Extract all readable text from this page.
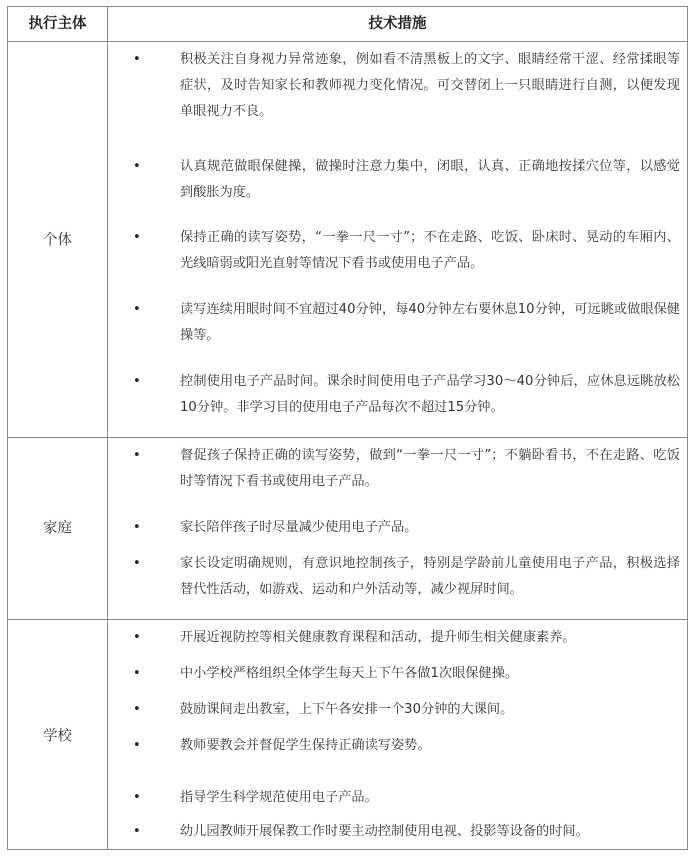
执行主体	技术措施
个体
•	积极关注自身视力异常迹象，例如看不清黑板上的文字、眼睛经常干涩、经常揉眼等症状，及时告知家长和教师视力变化情况。可交替闭上一只眼睛进行自测，以便发现单眼视力不良。
•	认真规范做眼保健操，做操时注意力集中，闭眼，认真、正确地按揉穴位等，以感觉到酸胀为度。
•	保持正确的读写姿势，“一拳一尺一寸”；不在走路、吃饭、卧床时、晃动的车厢内、光线暗弱或阳光直射等情况下看书或使用电子产品。
•	读写连续用眼时间不宜超过40分钟，每40分钟左右要休息10分钟，可远眺或做眼保健操等。
•	控制使用电子产品时间。课余时间使用电子产品学习30～40分钟后，应休息远眺放松10分钟。非学习目的使用电子产品每次不超过15分钟。
家庭
•	督促孩子保持正确的读写姿势，做到“一拳一尺一寸”；不躺卧看书，不在走路、吃饭时等情况下看书或使用电子产品。
•	家长陪伴孩子时尽量减少使用电子产品。
•	家长设定明确规则，有意识地控制孩子，特别是学龄前儿童使用电子产品，积极选择替代性活动，如游戏、运动和户外活动等，减少视屏时间。
学校
•	开展近视防控等相关健康教育课程和活动，提升师生相关健康素养。
•	中小学校严格组织全体学生每天上下午各做1次眼保健操。
•	鼓励课间走出教室，上下午各安排一个30分钟的大课间。
•	教师要教会并督促学生保持正确读写姿势。
•	指导学生科学规范使用电子产品。
•	幼儿园教师开展保教工作时要主动控制使用电视、投影等设备的时间。
